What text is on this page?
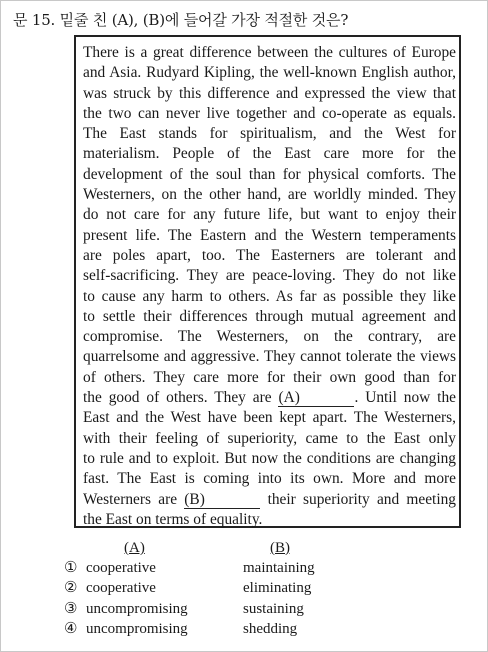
문 15. 밑줄 친 (A), (B)에 들어갈 가장 적절한 것은?
There is a great difference between the cultures of Europe
and Asia. Rudyard Kipling, the well-known English author,
was struck by this difference and expressed the view that
the two can never live together and co-operate as equals.
The East stands for spiritualism, and the West for
materialism. People of the East care more for the
development of the soul than for physical comforts. The
Westerners, on the other hand, are worldly minded. They
do not care for any future life, but want to enjoy their
present life. The Eastern and the Western temperaments
are poles apart, too. The Easterners are tolerant and
self-sacrificing. They are peace-loving. They do not like
to cause any harm to others. As far as possible they like
to settle their differences through mutual agreement and
compromise. The Westerners, on the contrary, are
quarrelsome and aggressive. They cannot tolerate the views
of others. They care more for their own good than for
the good of others. They are (A)	. Until now the
East and the West have been kept apart. The Westerners,
with their feeling of superiority, came to the East only
to rule and to exploit. But now the conditions are changing
fast. The East is coming into its own. More and more
Westerners are (B)	their superiority and meeting
the East on terms of equality.
(A)	(B)
① cooperative	maintaining
② cooperative	eliminating
③ uncompromising	sustaining
④ uncompromising	shedding
